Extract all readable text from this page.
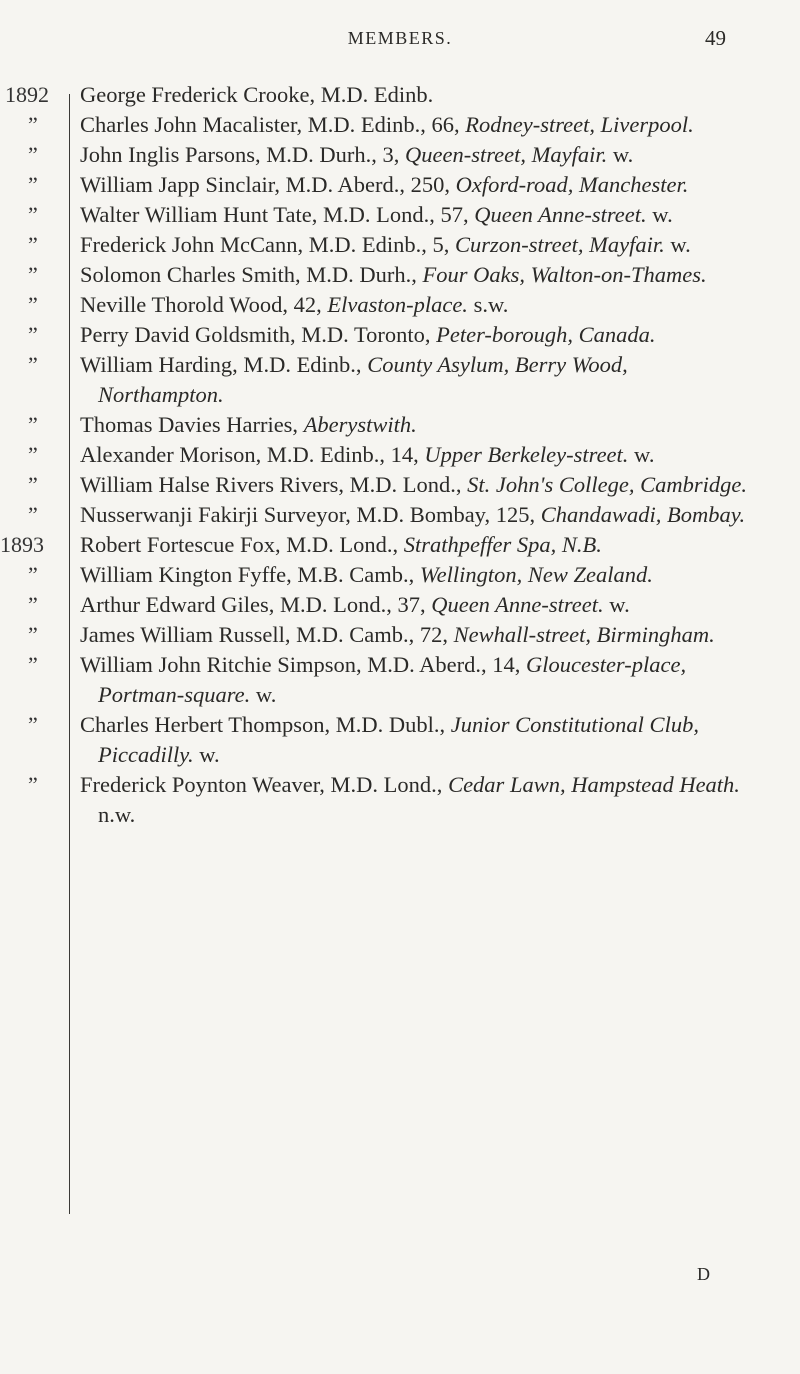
MEMBERS.	49

George Frederick Crooke, M.D. Edinb.

Charles John Macalister, M.D. Edinb., 66, Rodney-street, Liverpool.

John Inglis Parsons, M.D. Durh., 3, Queen-street, Mayfair. w.

William Japp Sinclair, M.D. Aberd., 250, Oxford-road, Manchester.

Walter William Hunt Tate, M.D. Lond., 57, Queen Anne-street. w.

Frederick John McCann, M.D. Edinb., 5, Curzon-street, Mayfair. w.

Solomon Charles Smith, M.D. Durh., Four Oaks, Walton-on-Thames.

Neville Thorold Wood, 42, Elvaston-place. s.w.

Perry David Goldsmith, M.D. Toronto, Peter-borough, Canada.

William Harding, M.D. Edinb., County Asylum, Berry Wood, Northampton.

Thomas Davies Harries, Aberystwith.

Alexander Morison, M.D. Edinb., 14, Upper Berkeley-street. w.

William Halse Rivers Rivers, M.D. Lond., St. John's College, Cambridge.

Nusserwanji Fakirji Surveyor, M.D. Bombay, 125, Chandawadi, Bombay.

Robert Fortescue Fox, M.D. Lond., Strathpeffer Spa, N.B.

William Kington Fyffe, M.B. Camb., Wellington, New Zealand.

Arthur Edward Giles, M.D. Lond., 37, Queen Anne-street. w.

James William Russell, M.D. Camb., 72, Newhall-street, Birmingham.

William John Ritchie Simpson, M.D. Aberd., 14, Gloucester-place, Portman-square. w.

Charles Herbert Thompson, M.D. Dubl., Junior Constitutional Club, Piccadilly. w.

Frederick Poynton Weaver, M.D. Lond., Cedar Lawn, Hampstead Heath. n.w.

1892
”
”
”
”
”
”
”
”
”
”
”
”
”
1893
”
”
”
”
”
”
D
